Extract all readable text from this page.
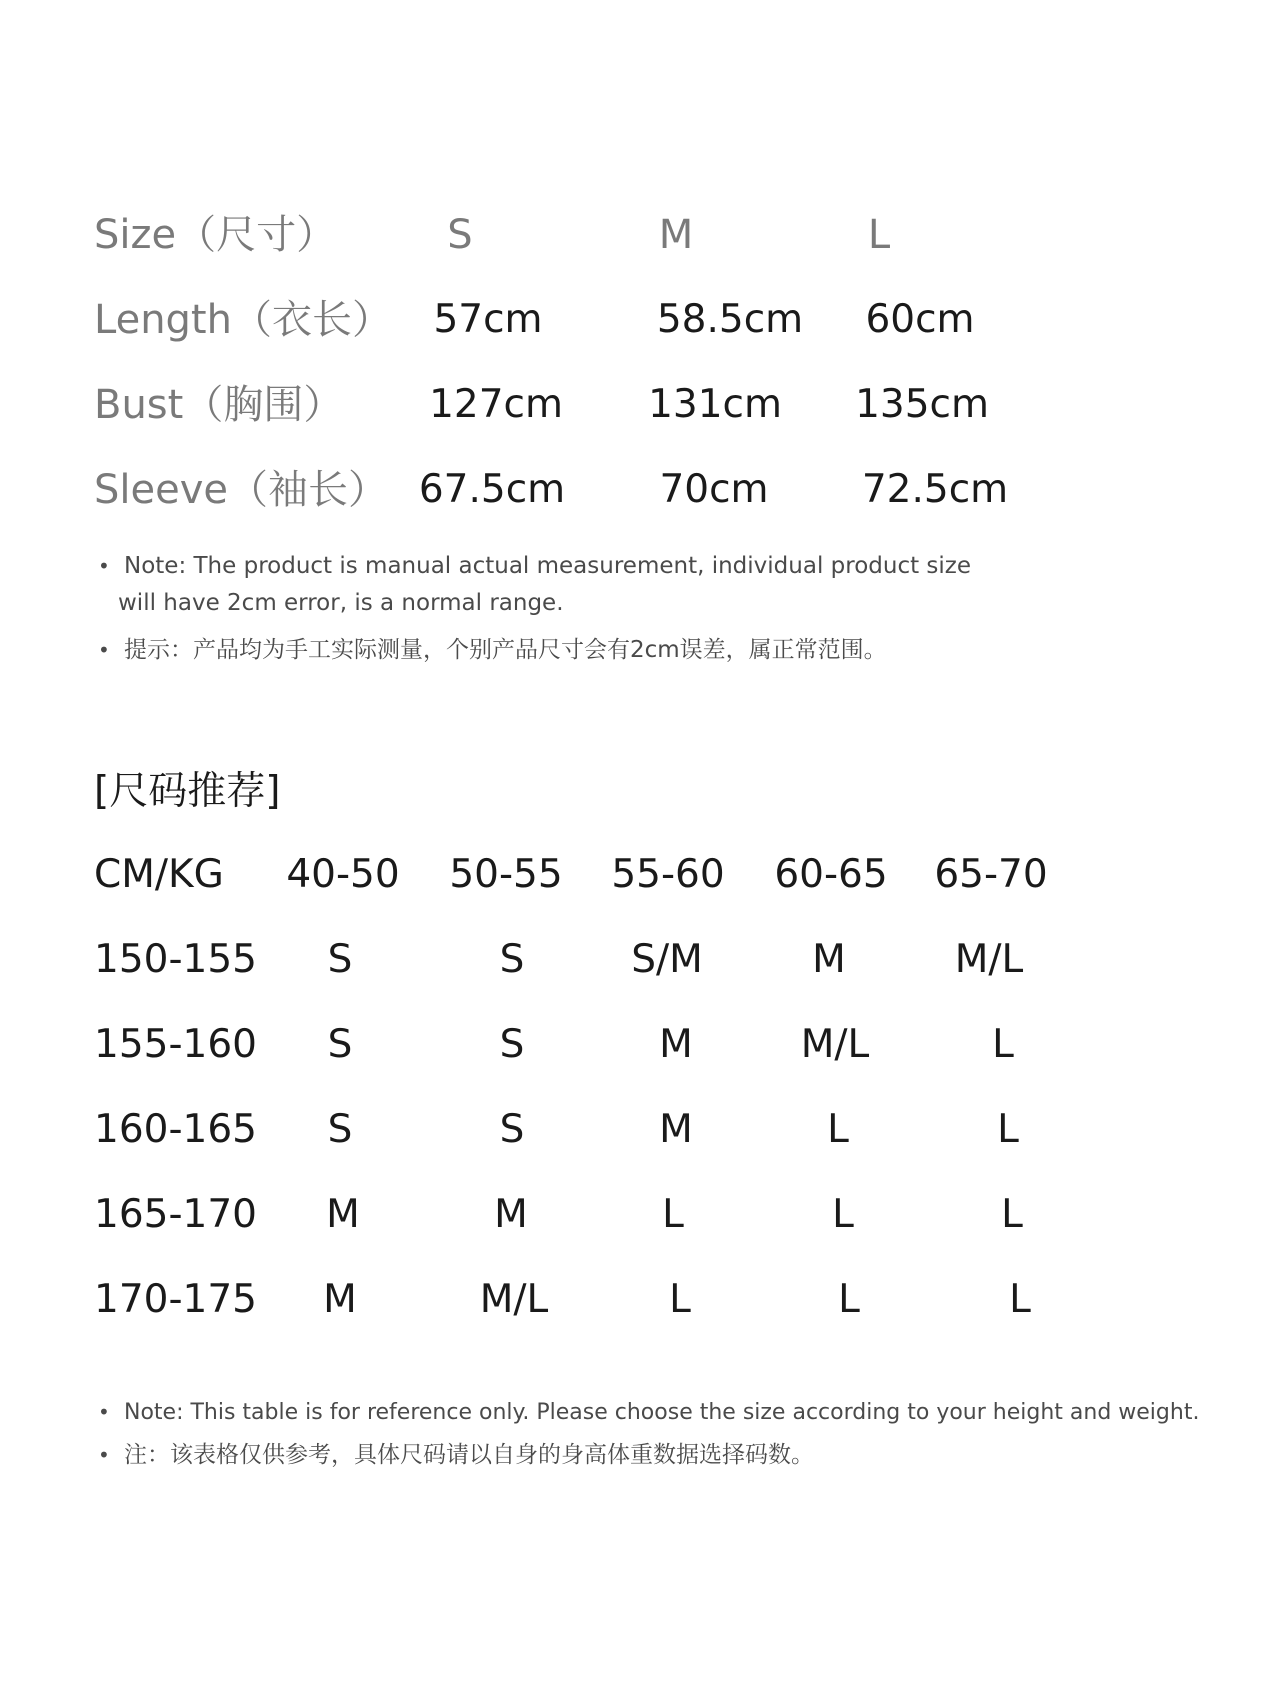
Size（尺寸）	S	M	L
Length（衣长） 57cm	58.5cm 60cm
Bust（胸围） 127cm 131cm 135cm
Sleeve（袖长） 67.5cm 70cm 72.5cm
• Note: The product is manual actual measurement, individual product size
will have 2cm error, is a normal range.
• 提示：产品均为手工实际测量，个别产品尺寸会有2cm误差，属正常范围。
[尺码推荐]
CM/KG 40-50 50-55 55-60 60-65 65-70
150-155 S	S	S/M	M	M/L
155-160 S	S	M	M/L	L
160-165 S	S	M	L	L
165-170 M	M	L	L	L
170-175 M	M/L	L	L	L
• Note: This table is for reference only. Please choose the size according to your height and weight.
• 注：该表格仅供参考，具体尺码请以自身的身高体重数据选择码数。
